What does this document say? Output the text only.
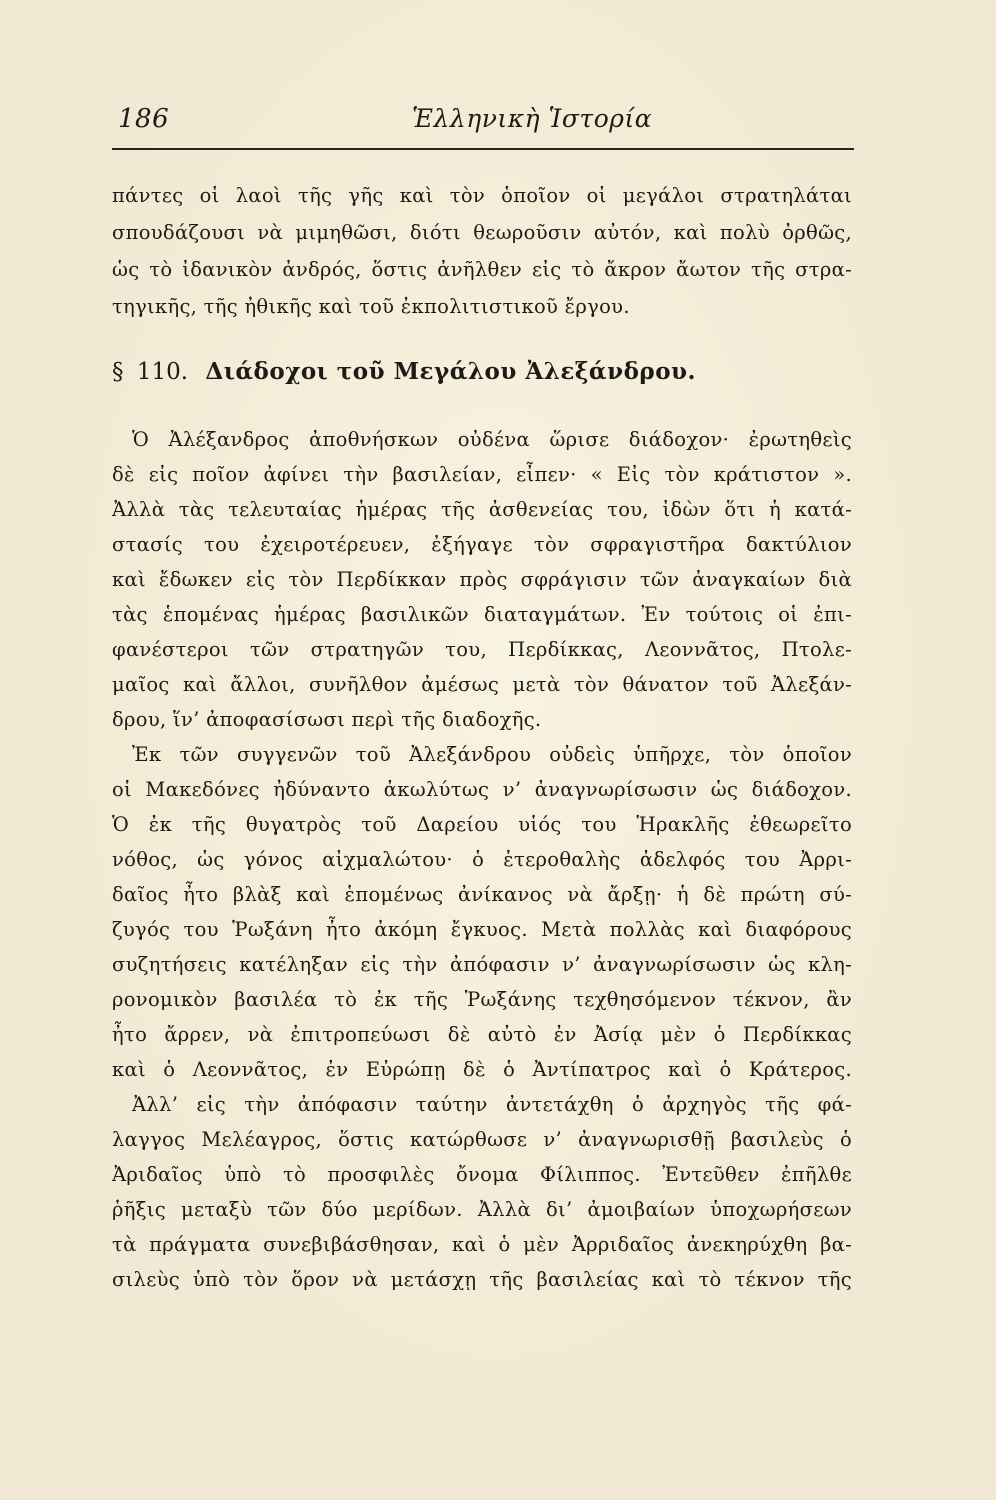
186	Ἑλληνικὴ Ἱστορία
πάντες οἱ λαοὶ τῆς γῆς καὶ τὸν ὁποῖον οἱ μεγάλοι στρατηλάται
σπουδάζουσι νὰ μιμηθῶσι, διότι θεωροῦσιν αὐτόν, καὶ πολὺ ὀρθῶς,
ὡς τὸ ἰδανικὸν ἀνδρός, ὅστις ἀνῆλθεν εἰς τὸ ἄκρον ἄωτον τῆς στρα-
τηγικῆς, τῆς ἠθικῆς καὶ τοῦ ἐκπολιτιστικοῦ ἔργου.
§ 110. Διάδοχοι τοῦ Μεγάλου Ἀλεξάνδρου.
Ὁ Ἀλέξανδρος ἀποθνήσκων οὐδένα ὥρισε διάδοχον· ἐρωτηθεὶς
δὲ εἰς ποῖον ἀφίνει τὴν βασιλείαν, εἶπεν· « Εἰς τὸν κράτιστον ».
Ἀλλὰ τὰς τελευταίας ἡμέρας τῆς ἀσθενείας του, ἰδὼν ὅτι ἡ κατά-
στασίς του ἐχειροτέρευεν, ἐξήγαγε τὸν σφραγιστῆρα δακτύλιον
καὶ ἔδωκεν εἰς τὸν Περδίκκαν πρὸς σφράγισιν τῶν ἀναγκαίων διὰ
τὰς ἑπομένας ἡμέρας βασιλικῶν διαταγμάτων. Ἐν τούτοις οἱ ἐπι-
φανέστεροι τῶν στρατηγῶν του, Περδίκκας, Λεοννᾶτος, Πτολε-
μαῖος καὶ ἄλλοι, συνῆλθον ἀμέσως μετὰ τὸν θάνατον τοῦ Ἀλεξάν-
δρου, ἵν’ ἀποφασίσωσι περὶ τῆς διαδοχῆς.
Ἐκ τῶν συγγενῶν τοῦ Ἀλεξάνδρου οὐδεὶς ὑπῆρχε, τὸν ὁποῖον
οἱ Μακεδόνες ἠδύναντο ἀκωλύτως ν’ ἀναγνωρίσωσιν ὡς διάδοχον.
Ὁ ἐκ τῆς θυγατρὸς τοῦ Δαρείου υἱός του Ἡρακλῆς ἐθεωρεῖτο
νόθος, ὡς γόνος αἰχμαλώτου· ὁ ἑτεροθαλὴς ἀδελφός του Ἀρρι-
δαῖος ἦτο βλὰξ καὶ ἑπομένως ἀνίκανος νὰ ἄρξῃ· ἡ δὲ πρώτη σύ-
ζυγός του Ῥωξάνη ἦτο ἀκόμη ἔγκυος. Μετὰ πολλὰς καὶ διαφόρους
συζητήσεις κατέληξαν εἰς τὴν ἀπόφασιν ν’ ἀναγνωρίσωσιν ὡς κλη-
ρονομικὸν βασιλέα τὸ ἐκ τῆς Ῥωξάνης τεχθησόμενον τέκνον, ἂν
ἦτο ἄρρεν, νὰ ἐπιτροπεύωσι δὲ αὐτὸ ἐν Ἀσίᾳ μὲν ὁ Περδίκκας
καὶ ὁ Λεοννᾶτος, ἐν Εὐρώπῃ δὲ ὁ Ἀντίπατρος καὶ ὁ Κράτερος.
Ἀλλ’ εἰς τὴν ἀπόφασιν ταύτην ἀντετάχθη ὁ ἀρχηγὸς τῆς φά-
λαγγος Μελέαγρος, ὅστις κατώρθωσε ν’ ἀναγνωρισθῇ βασιλεὺς ὁ
Ἀριδαῖος ὑπὸ τὸ προσφιλὲς ὄνομα Φίλιππος. Ἐντεῦθεν ἐπῆλθε
ῥῆξις μεταξὺ τῶν δύο μερίδων. Ἀλλὰ δι’ ἀμοιβαίων ὑποχωρήσεων
τὰ πράγματα συνεβιβάσθησαν, καὶ ὁ μὲν Ἀρριδαῖος ἀνεκηρύχθη βα-
σιλεὺς ὑπὸ τὸν ὅρον νὰ μετάσχῃ τῆς βασιλείας καὶ τὸ τέκνον τῆς
